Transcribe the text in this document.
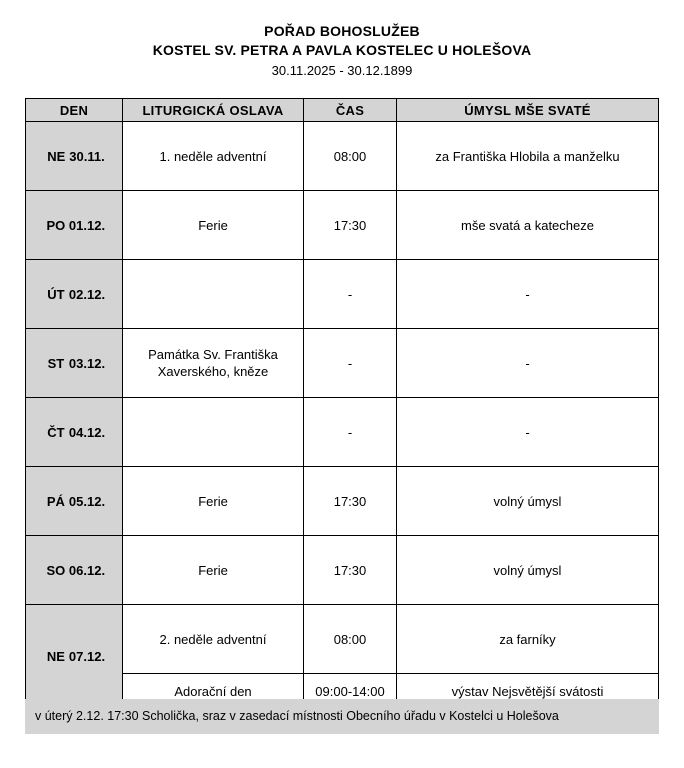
POŘAD BOHOSLUŽEB
KOSTEL SV. PETRA A PAVLA KOSTELEC U HOLEŠOVA
30.11.2025 - 30.12.1899
DEN	LITURGICKÁ OSLAVA	ČAS	ÚMYSL MŠE SVATÉ
NE 30.11.	1. neděle adventní	08:00	za Františka Hlobila a manželku
PO 01.12.	Ferie	17:30	mše svatá a katecheze
ÚT 02.12.		-	-
ST 03.12.	Památka Sv. Františka
Xaverského, kněze	-	-
ČT 04.12.		-	-
PÁ 05.12.	Ferie	17:30	volný úmysl
SO 06.12.	Ferie	17:30	volný úmysl
NE 07.12.	2. neděle adventní	08:00	za farníky
	Adorační den	09:00-14:00	výstav Nejsvětější svátosti
v úterý 2.12. 17:30 Scholička, sraz v zasedací místnosti Obecního úřadu v Kostelci u Holešova
